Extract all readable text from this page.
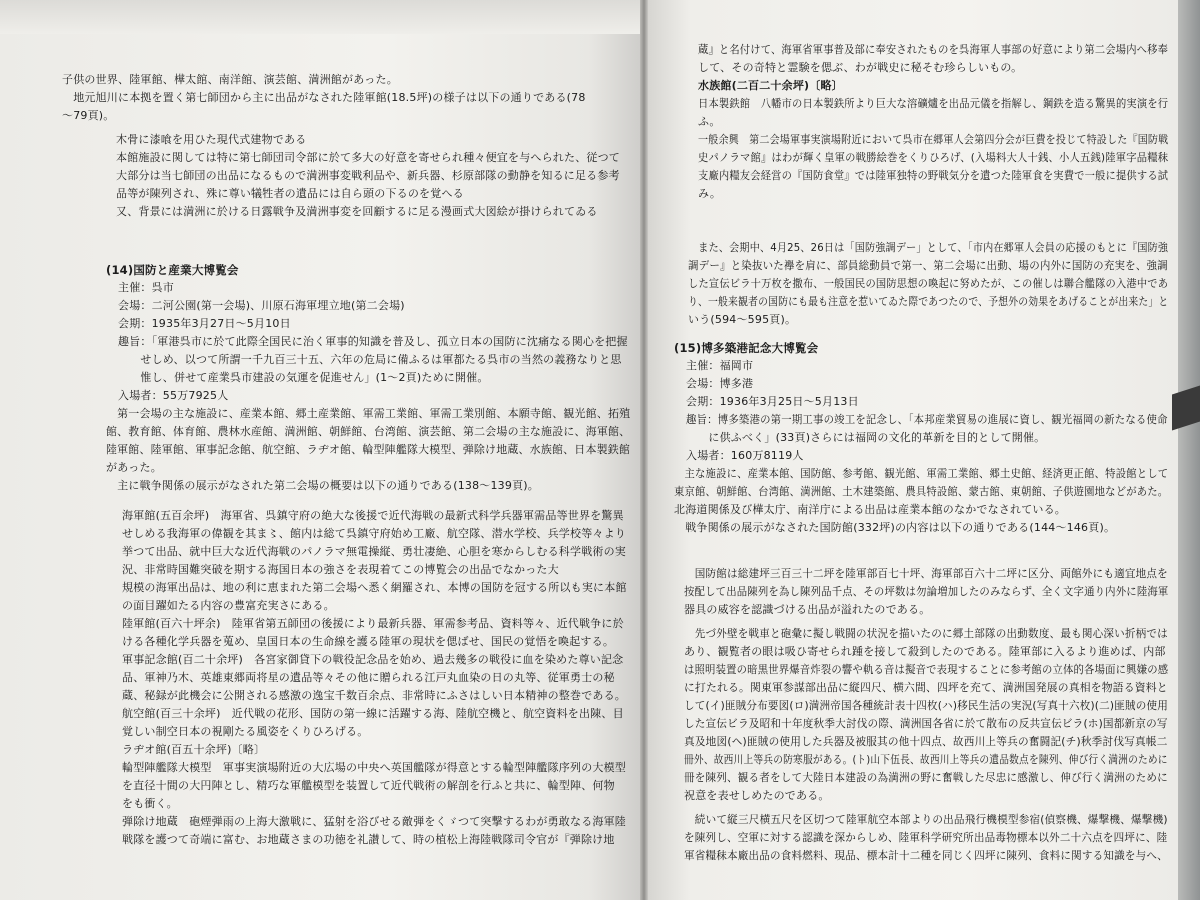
子供の世界、陸軍館、樺太館、南洋館、演芸館、満洲館があった。
　地元旭川に本拠を置く第七師団から主に出品がなされた陸軍館(18.5坪)の様子は以下の通りである(78
〜79頁)。
木骨に漆喰を用ひた現代式建物である
本館施設に関しては特に第七師団司令部に於て多大の好意を寄せられ種々便宜を与へられた、従つて
大部分は当七師団の出品になるもので満洲事変戦利品や、新兵器、杉原部隊の動静を知るに足る参考
品等が陳列され、殊に尊い犠牲者の遺品には自ら頭の下るのを覚へる
又、背景には満洲に於ける日露戦争及満洲事変を回顧するに足る漫画式大図絵が掛けられてゐる
(14)国防と産業大博覧会
主催：呉市
会場：二河公園(第一会場)、川原石海軍埋立地(第二会場)
会期：1935年3月27日〜5月10日
趣旨：「軍港呉市に於て此際全国民に治く軍事的知識を普及し、孤立日本の国防に沈痛なる関心を把握
　　せしめ、以つて所謂一千九百三十五、六年の危局に備ふるは軍都たる呉市の当然の義務なりと思
　　惟し、併せて産業呉市建設の気運を促進せん」(1〜2頁)ために開催。
入場者：55万7925人
　第一会場の主な施設に、産業本館、郷土産業館、軍需工業館、軍需工業別館、本願寺館、観光館、拓殖
館、教育館、体育館、農林水産館、満洲館、朝鮮館、台湾館、演芸館、第二会場の主な施設に、海軍館、
陸軍館、陸軍館、軍事記念館、航空館、ラヂオ館、輪型陣艦隊大模型、弾除け地蔵、水族館、日本製鉄館
があった。
　主に戦争関係の展示がなされた第二会場の概要は以下の通りである(138〜139頁)。
海軍館(五百余坪)　海軍省、呉鎮守府の絶大な後援で近代海戦の最新式科学兵器軍需品等世界を驚異
せしめる我海軍の偉観を其ま〻、館内は総て呉鎮守府始め工廠、航空隊、潜水学校、兵学校等々より
挙つて出品、就中巨大な近代海戦のパノラマ無電操縦、勇壮凄絶、心胆を寒からしむる科学戦術の実
況、非常時国難突破を期する海国日本の強さを表現着てこの博覧会の出品でなかった大
規模の海軍出品は、地の利に恵まれた第二会場へ悉く網羅され、本博の国防を冠する所以も実に本館
の面目躍如たる内容の豊富充実さにある。
陸軍館(百六十坪余)　陸軍省第五師団の後援により最新兵器、軍需参考品、資料等々、近代戦争に於
ける各種化学兵器を蒐め、皇国日本の生命線を護る陸軍の現状を偲ばせ、国民の覚悟を喚起する。
軍事記念館(百二十余坪)　各宮家御貸下の戦役記念品を始め、過去幾多の戦役に血を染めた尊い記念
品、軍神乃木、英雄東郷両将星の遺品等々その他に贈られる江戸丸血染の日の丸等、従軍勇士の秘
蔵、秘録が此機会に公開される感激の逸宝千数百余点、非常時にふさはしい日本精神の整巻である。
航空館(百三十余坪)　近代戦の花形、国防の第一線に活躍する海、陸航空機と、航空資料を出陳、目
覚しい制空日本の視剛たる風姿をくりひろげる。
ラヂオ館(百五十余坪)〔略〕
輪型陣艦隊大模型　軍事実演場附近の大広場の中央へ英国艦隊が得意とする輪型陣艦隊序列の大模型
を直径十間の大円陣とし、精巧な軍艦模型を装置して近代戦術の解剖を行ふと共に、輪型陣、何物
をも衝く。
弾除け地蔵　砲煙弾雨の上海大激戦に、猛射を浴びせる敵弾をくゞつて突撃するわが勇敢なる海軍陸
戦隊を護つて奇端に富む、お地蔵さまの功徳を礼讃して、時の植松上海陸戦隊司令官が『弾除け地
蔵』と名付けて、海軍省軍事普及部に奉安されたものを呉海軍人事部の好意により第二会場内へ移奉
して、その奇特と霊験を偲ぶ、わが戦史に秘そむ珍らしいもの。
水族館(二百二十余坪)〔略〕
日本製鉄館　八幡市の日本製鉄所より巨大な溶礦爐を出品元儀を指解し、鋼鉄を造る驚異的実演を行
ふ。
一般余興　第二会場軍事実演場附近において呉市在郷軍人会第四分会が巨費を投じて特設した『国防戦
史パノラマ館』はわが輝く皇軍の戦勝絵巻をくりひろげ、(入場料大人十銭、小人五銭)陸軍字品糧秣
支廠内糧友会経営の『国防食堂』では陸軍独特の野戦気分を遺つた陸軍食を実費で一般に提供する試
み。
　また、会期中、4月25、26日は「国防強調デー」として、「市内在郷軍人会員の応援のもとに『国防強
調デー』と染抜いた襷を肩に、部員総動員で第一、第二会場に出動、場の内外に国防の充実を、強調
した宣伝ビラ十万枚を撒布、一般国民の国防思想の喚起に努めたが、この催しは聯合艦隊の入港中であ
り、一般来観者の国防にも最も注意を惹いてゐた際であつたので、予想外の効果をあげることが出来た」と
いう(594〜595頁)。
(15)博多築港記念大博覧会
主催：福岡市
会場：博多港
会期：1936年3月25日〜5月13日
趣旨：博多築港の第一期工事の竣工を記念し、「本邦産業貿易の進展に資し、観光福岡の新たなる使命
　　に供ふべく」(33頁)さらには福岡の文化的革新を目的として開催。
入場者：160万8119人
　主な施設に、産業本館、国防館、参考館、観光館、軍需工業館、郷土史館、経済更正館、特設館として
東京館、朝鮮館、台湾館、満洲館、土木建築館、農具特設館、蒙古館、東朝館、子供遊園地などがあた。
北海道関係及び樺太庁、南洋庁による出品は産業本館のなかでなされている。
　戦争関係の展示がなされた国防館(332坪)の内容は以下の通りである(144〜146頁)。
　国防館は総建坪三百三十二坪を陸軍部百七十坪、海軍部百六十二坪に区分、両館外にも適宜地点を
按配して出品陳列を為し陳列品千点、その坪数は勿論増加したのみならず、全く文字通り内外に陸海軍
器具の威容を認識づける出品が溢れたのである。
　先づ外壁を戦車と砲彙に擬し戦闘の状況を描いたのに郷土部隊の出動数度、最も関心深い折柄では
あり、観覧者の眼は吸ひ寄せられ踵を接して殺到したのである。陸軍部に入るより進めば、内部
は照明装置の暗黒世界爆音炸裂の響や軌る音は擬音で表現することに参考館の立体的各場面に興嫌の感
に打たれる。関東軍参謀部出品に縦四尺、横六間、四坪を充て、満洲国発展の真相を物語る資料と
して(イ)匪賊分布要図(ロ)満洲帝国各種統計表十四枚(ハ)移民生活の実況(写真十六枚)(二)匪賊の使用
した宣伝ビラ及昭和十年度秋季大討伐の際、満洲国各省に於て散布の反共宣伝ビラ(ホ)国都新京の写
真及地図(ヘ)匪賊の使用した兵器及被服其の他十四点、故西川上等兵の奮闘記(チ)秋季討伐写真帳二
冊外、故西川上等兵の防寒服がある。(ト)山下伍長、故西川上等兵の遺品数点を陳列、伸び行く満洲のために
冊を陳列、観る者をして大陸日本建設の為満洲の野に奮戦した尽忠に感激し、伸び行く満洲のために
祝意を表せしめたのである。
　続いて縦三尺横五尺を区切つて陸軍航空本部よりの出品飛行機模型参宿(偵察機、爆撃機、爆撃機)
を陳列し、空軍に対する認識を深からしめ、陸軍科学研究所出品毒物標本以外二十六点を四坪に、陸
軍省糧秣本廠出品の食料燃料、現品、標本計十二種を同じく四坪に陳列、食料に関する知識を与へ、
